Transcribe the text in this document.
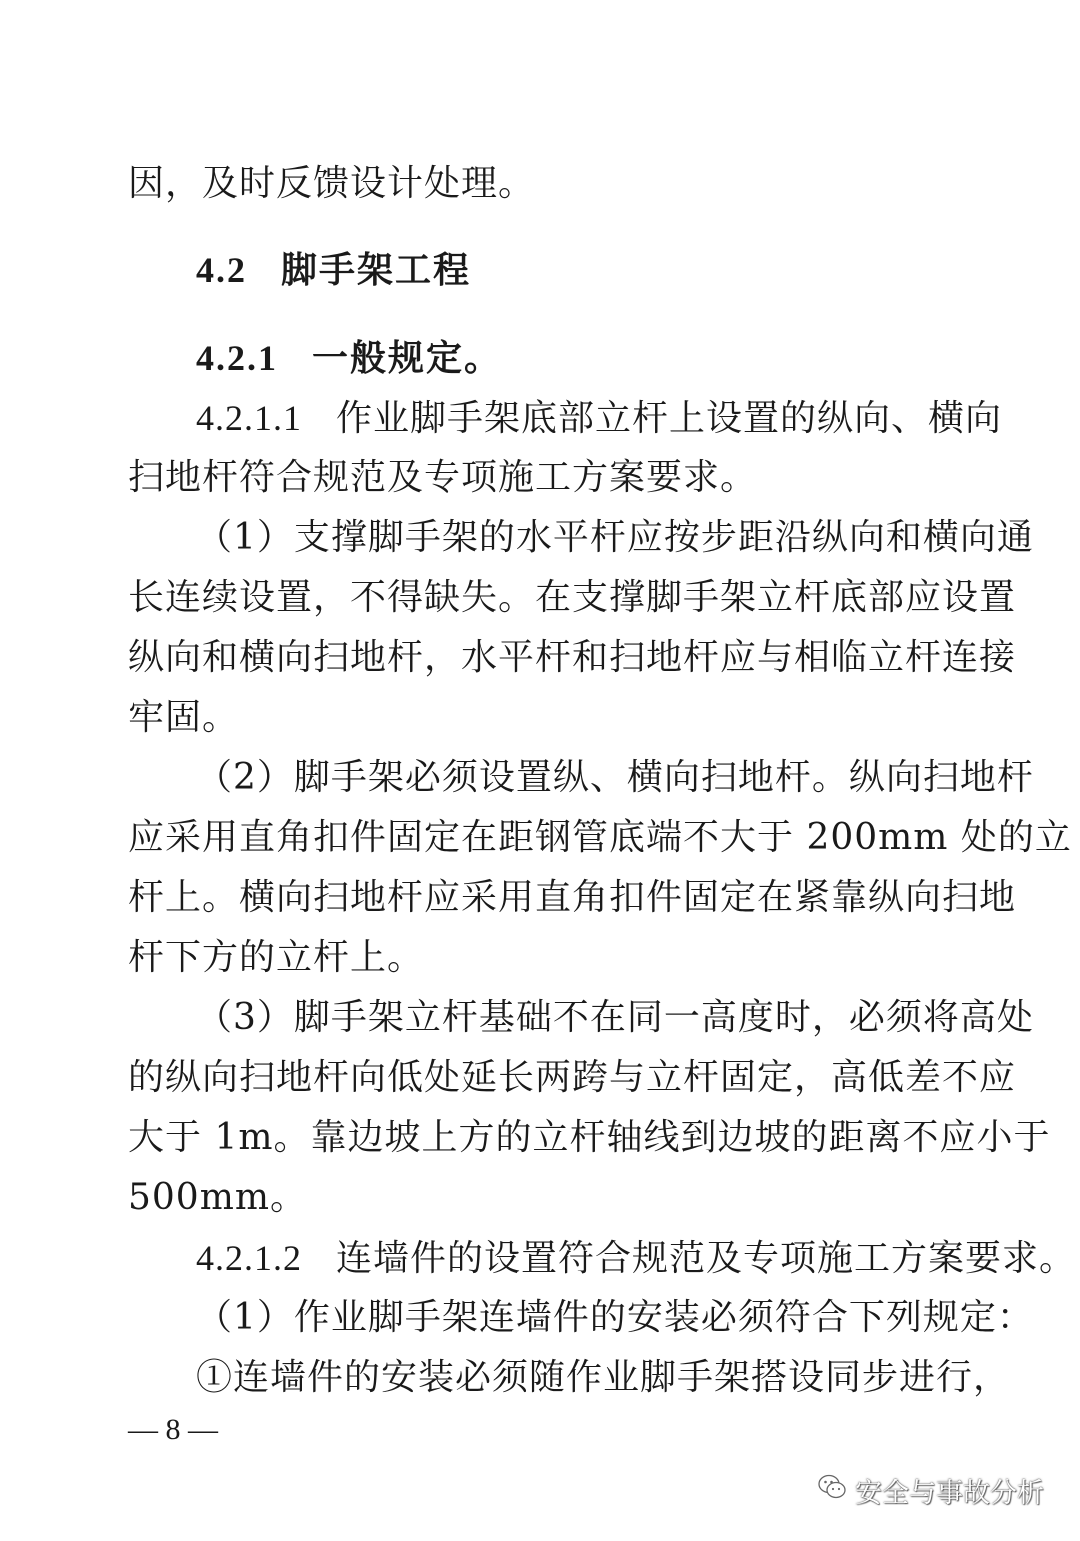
因，及时反馈设计处理。
4.2 脚手架工程
4.2.1 一般规定。
4.2.1.1 作业脚手架底部立杆上设置的纵向、横向
扫地杆符合规范及专项施工方案要求。
（1）支撑脚手架的水平杆应按步距沿纵向和横向通
长连续设置，不得缺失。在支撑脚手架立杆底部应设置
纵向和横向扫地杆，水平杆和扫地杆应与相临立杆连接
牢固。
（2）脚手架必须设置纵、横向扫地杆。纵向扫地杆
应采用直角扣件固定在距钢管底端不大于 200mm 处的立
杆上。横向扫地杆应采用直角扣件固定在紧靠纵向扫地
杆下方的立杆上。
（3）脚手架立杆基础不在同一高度时，必须将高处
的纵向扫地杆向低处延长两跨与立杆固定，高低差不应
大于 1m。靠边坡上方的立杆轴线到边坡的距离不应小于
500mm。
4.2.1.2 连墙件的设置符合规范及专项施工方案要求。
（1）作业脚手架连墙件的安装必须符合下列规定：
①连墙件的安装必须随作业脚手架搭设同步进行，
— 8 —
安全与事故分析
